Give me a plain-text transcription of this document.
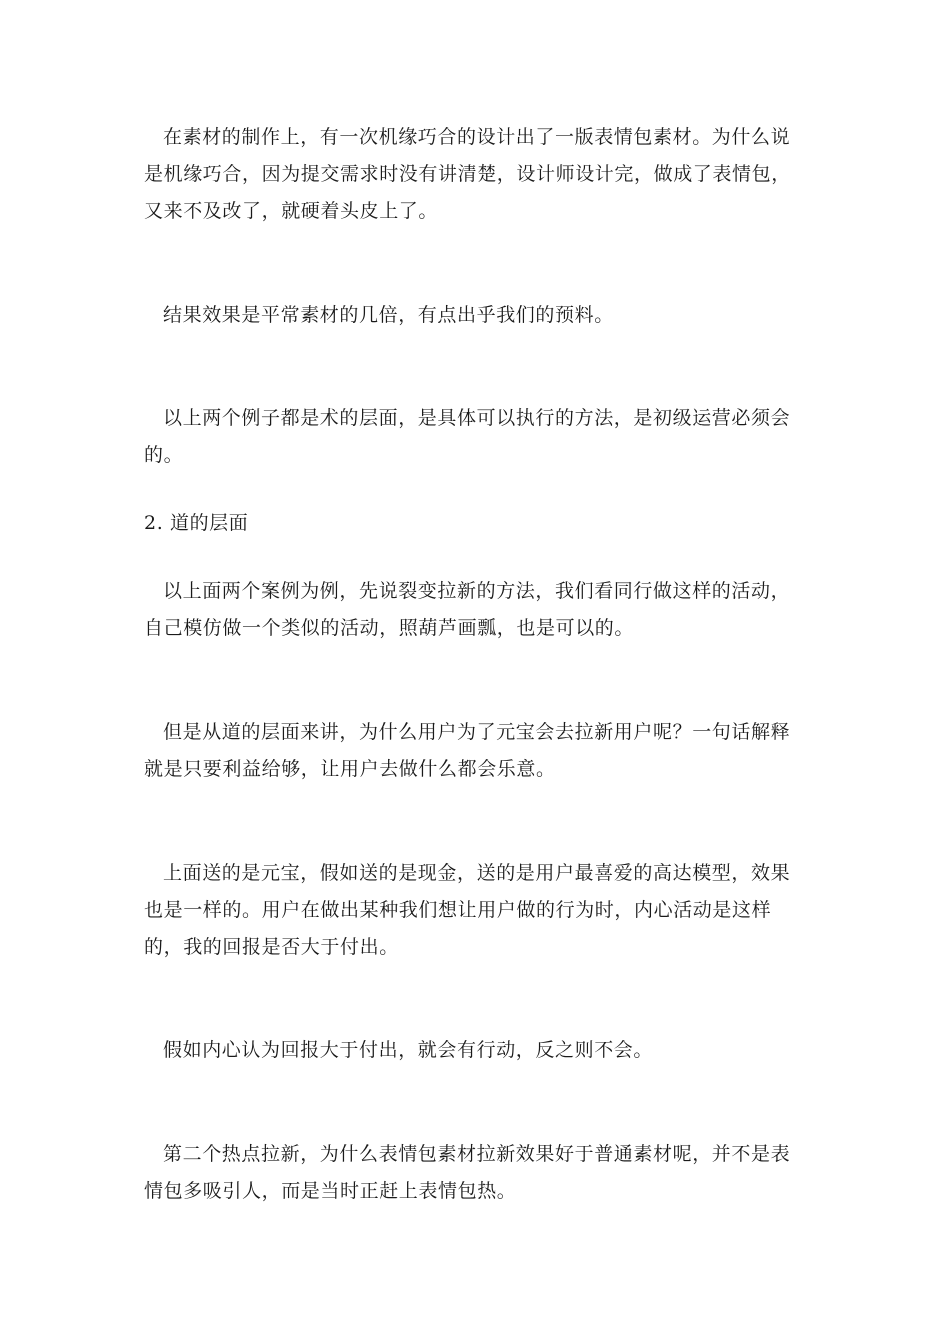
在素材的制作上，有一次机缘巧合的设计出了一版表情包素材。为什么说是机缘巧合，因为提交需求时没有讲清楚，设计师设计完，做成了表情包，又来不及改了，就硬着头皮上了。

结果效果是平常素材的几倍，有点出乎我们的预料。

以上两个例子都是术的层面，是具体可以执行的方法，是初级运营必须会的。

2. 道的层面

以上面两个案例为例，先说裂变拉新的方法，我们看同行做这样的活动，自己模仿做一个类似的活动，照葫芦画瓢，也是可以的。

但是从道的层面来讲，为什么用户为了元宝会去拉新用户呢？一句话解释就是只要利益给够，让用户去做什么都会乐意。

上面送的是元宝，假如送的是现金，送的是用户最喜爱的高达模型，效果也是一样的。用户在做出某种我们想让用户做的行为时，内心活动是这样的，我的回报是否大于付出。

假如内心认为回报大于付出，就会有行动，反之则不会。

第二个热点拉新，为什么表情包素材拉新效果好于普通素材呢，并不是表情包多吸引人，而是当时正赶上表情包热。
